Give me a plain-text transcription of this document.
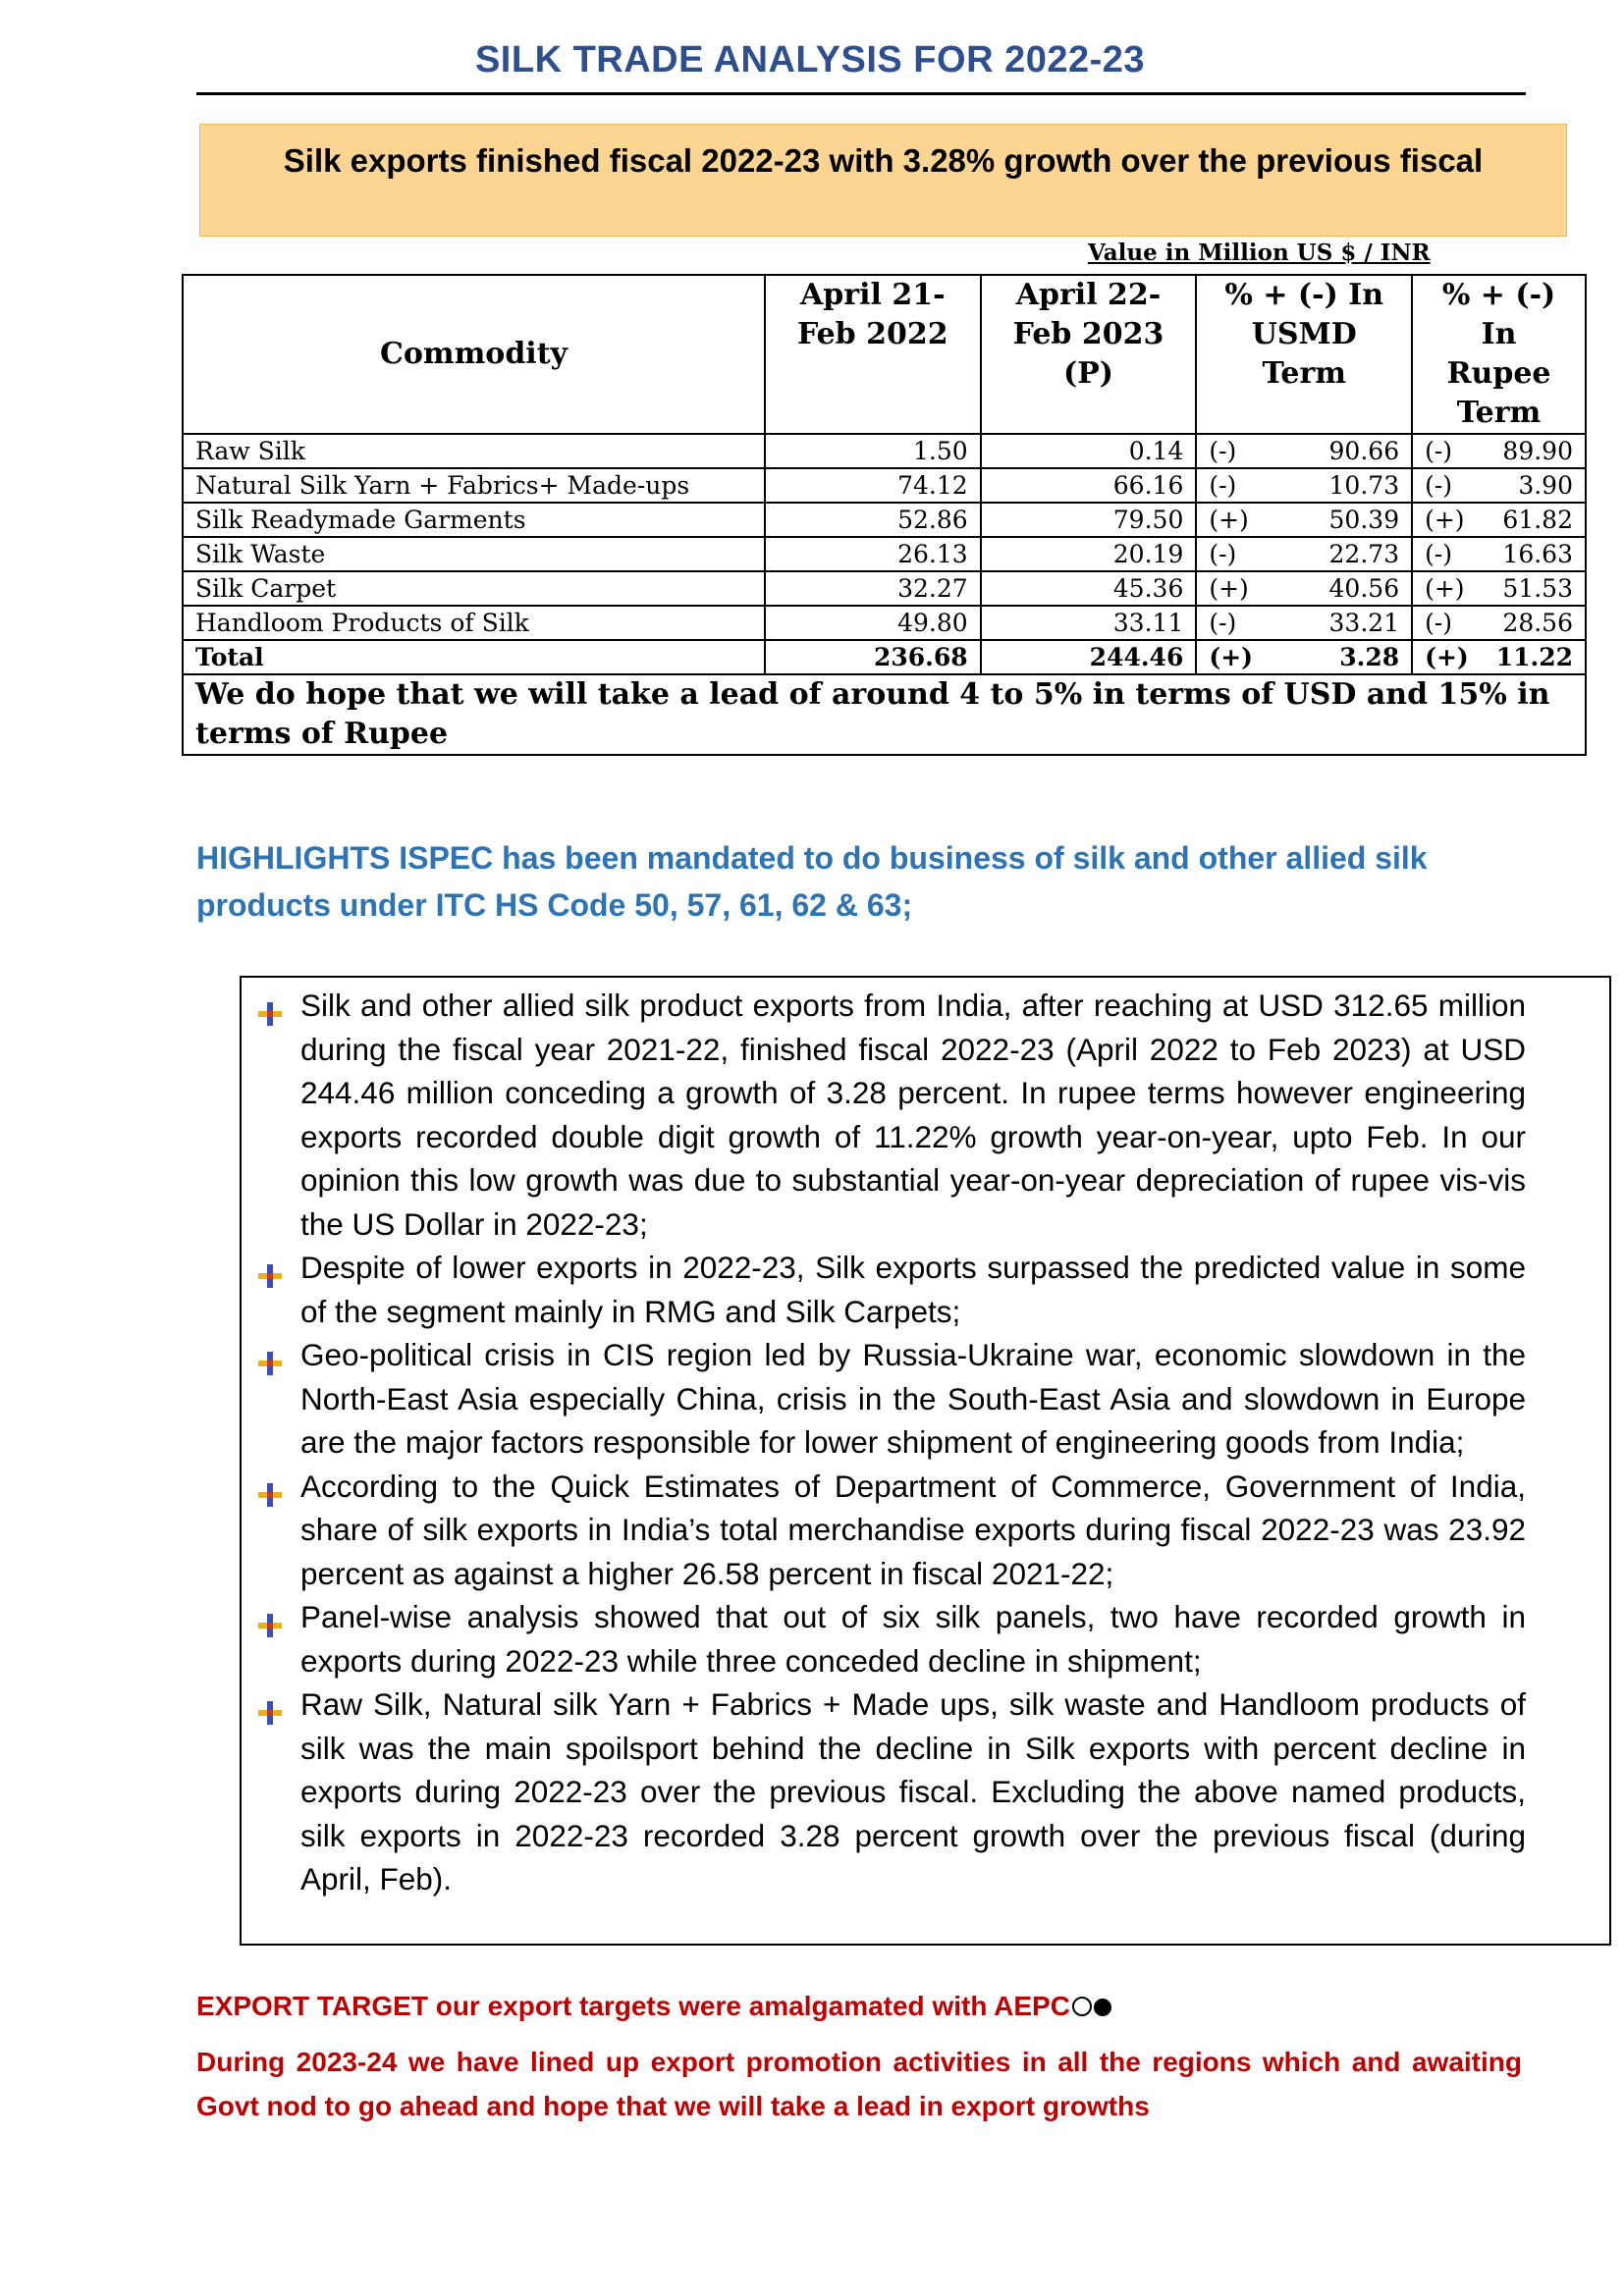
SILK TRADE ANALYSIS FOR 2022-23
Silk exports finished fiscal 2022-23 with 3.28% growth over the previous fiscal
Value in Million US $ / INR
Commodity	April 21- Feb 2022	April 22- Feb 2023 (P)	% + (-) In USMD Term	% + (-) In Rupee Term
Raw Silk	1.50	0.14	(-) 90.66	(-) 89.90
Natural Silk Yarn + Fabrics+ Made-ups	74.12	66.16	(-) 10.73	(-) 3.90
Silk Readymade Garments	52.86	79.50	(+) 50.39	(+) 61.82
Silk Waste	26.13	20.19	(-) 22.73	(-) 16.63
Silk Carpet	32.27	45.36	(+) 40.56	(+) 51.53
Handloom Products of Silk	49.80	33.11	(-) 33.21	(-) 28.56
Total	236.68	244.46	(+) 3.28	(+) 11.22
We do hope that we will take a lead of around 4 to 5% in terms of USD and 15% in terms of Rupee				
HIGHLIGHTS ISPEC has been mandated to do business of silk and other allied silk products under ITC HS Code 50, 57, 61, 62 & 63;
Silk and other allied silk product exports from India, after reaching at USD 312.65 million during the fiscal year 2021-22, finished fiscal 2022-23 (April 2022 to Feb 2023) at USD 244.46 million conceding a growth of 3.28 percent. In rupee terms however engineering exports recorded double digit growth of 11.22% growth year-on-year, upto Feb. In our opinion this low growth was due to substantial year-on-year depreciation of rupee vis-vis the US Dollar in 2022-23;
Despite of lower exports in 2022-23, Silk exports surpassed the predicted value in some of the segment mainly in RMG and Silk Carpets;
Geo-political crisis in CIS region led by Russia-Ukraine war, economic slowdown in the North-East Asia especially China, crisis in the South-East Asia and slowdown in Europe are the major factors responsible for lower shipment of engineering goods from India;
According to the Quick Estimates of Department of Commerce, Government of India, share of silk exports in India’s total merchandise exports during fiscal 2022-23 was 23.92 percent as against a higher 26.58 percent in fiscal 2021-22;
Panel-wise analysis showed that out of six silk panels, two have recorded growth in exports during 2022-23 while three conceded decline in shipment;
Raw Silk, Natural silk Yarn + Fabrics + Made ups, silk waste and Handloom products of silk was the main spoilsport behind the decline in Silk exports with percent decline in exports during 2022-23 over the previous fiscal. Excluding the above named products, silk exports in 2022-23 recorded 3.28 percent growth over the previous fiscal (during April, Feb).
EXPORT TARGET our export targets were amalgamated with AEPC
During 2023-24 we have lined up export promotion activities in all the regions which and awaiting Govt nod to go ahead and hope that we will take a lead in export growths
